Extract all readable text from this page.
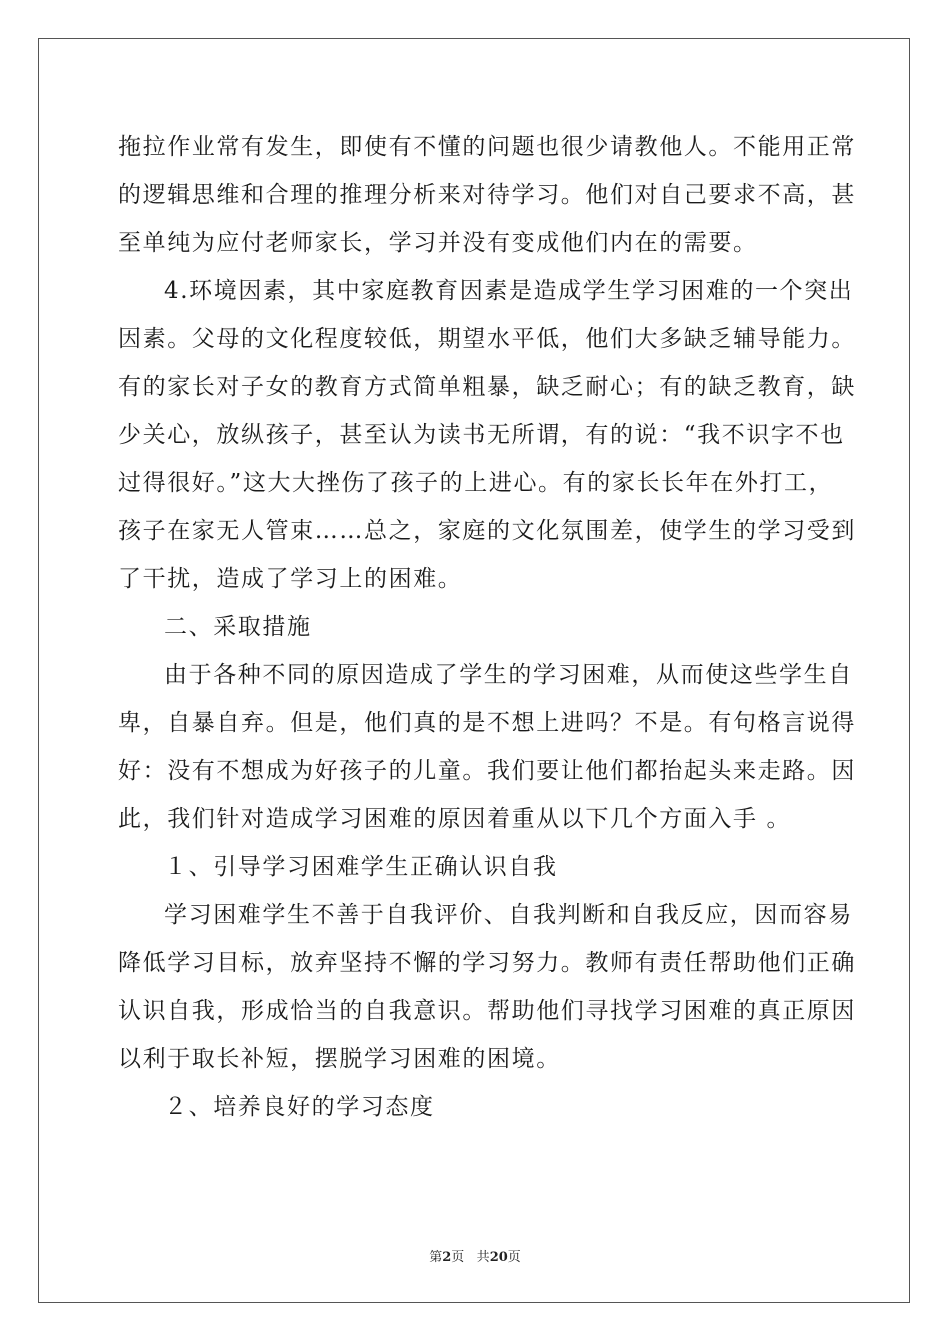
拖拉作业常有发生，即使有不懂的问题也很少请教他人。不能用正常
的逻辑思维和合理的推理分析来对待学习。他们对自己要求不高，甚
至单纯为应付老师家长，学习并没有变成他们内在的需要。
4.环境因素，其中家庭教育因素是造成学生学习困难的一个突出
因素。父母的文化程度较低，期望水平低，他们大多缺乏辅导能力。
有的家长对子女的教育方式简单粗暴，缺乏耐心；有的缺乏教育，缺
少关心，放纵孩子，甚至认为读书无所谓，有的说：“我不识字不也
过得很好。”这大大挫伤了孩子的上进心。有的家长长年在外打工，
孩子在家无人管束……总之，家庭的文化氛围差，使学生的学习受到
了干扰，造成了学习上的困难。
二、采取措施
由于各种不同的原因造成了学生的学习困难，从而使这些学生自
卑，自暴自弃。但是，他们真的是不想上进吗？不是。有句格言说得
好：没有不想成为好孩子的儿童。我们要让他们都抬起头来走路。因
此，我们针对造成学习困难的原因着重从以下几个方面入手 。
１、引导学习困难学生正确认识自我
学习困难学生不善于自我评价、自我判断和自我反应，因而容易
降低学习目标，放弃坚持不懈的学习努力。教师有责任帮助他们正确
认识自我，形成恰当的自我意识。帮助他们寻找学习困难的真正原因
以利于取长补短，摆脱学习困难的困境。
２、培养良好的学习态度
第2页 共20页
